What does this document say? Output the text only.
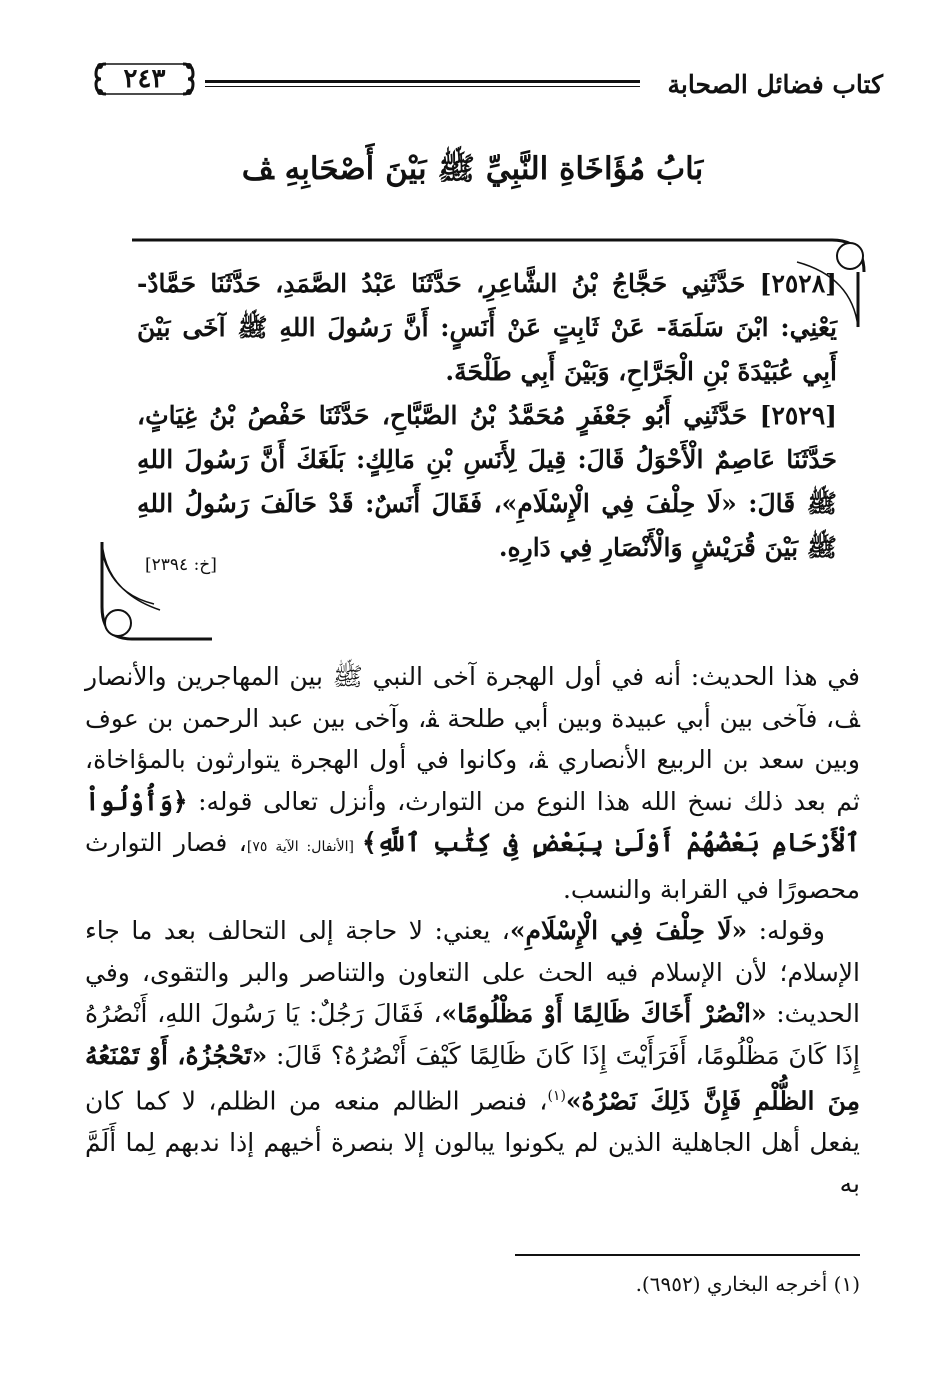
كتاب فضائل الصحابة
٢٤٣
بَابُ مُؤَاخَاةِ النَّبِيِّ ﷺ بَيْنَ أَصْحَابِهِ ﭫ

[٢٥٢٨] حَدَّثَنِي حَجَّاجُ بْنُ الشَّاعِرِ، حَدَّثَنَا عَبْدُ الصَّمَدِ، حَدَّثَنَا حَمَّادٌ- يَعْنِي: ابْنَ سَلَمَةَ- عَنْ ثَابِتٍ عَنْ أَنَسٍ: أَنَّ رَسُولَ اللهِ ﷺ آخَى بَيْنَ أَبِي عُبَيْدَةَ بْنِ الْجَرَّاحِ، وَبَيْنَ أَبِي طَلْحَةَ.

[٢٥٢٩] حَدَّثَنِي أَبُو جَعْفَرٍ مُحَمَّدُ بْنُ الصَّبَّاحِ، حَدَّثَنَا حَفْصُ بْنُ غِيَاثٍ، حَدَّثَنَا عَاصِمٌ الْأَحْوَلُ قَالَ: قِيلَ لِأَنَسِ بْنِ مَالِكٍ: بَلَغَكَ أَنَّ رَسُولَ اللهِ ﷺ قَالَ: «لَا حِلْفَ فِي الْإِسْلَامِ»، فَقَالَ أَنَسٌ: قَدْ حَالَفَ رَسُولُ اللهِ ﷺ بَيْنَ قُرَيْشٍ وَالْأَنْصَارِ فِي دَارِهِ.

[خ: ٢٣٩٤]

في هذا الحديث: أنه في أول الهجرة آخى النبي ﷺ بين المهاجرين والأنصار ﭫ، فآخى بين أبي عبيدة وبين أبي طلحة ﭭ، وآخى بين عبد الرحمن بن عوف وبين سعد بن الربيع الأنصاري ﭭ، وكانوا في أول الهجرة يتوارثون بالمؤاخاة، ثم بعد ذلك نسخ الله هذا النوع من التوارث، وأنزل تعالى قوله: ﴿وَأُوْلُواْ ٱلْأَرْحَامِ بَعْضُهُمْ أَوْلَىٰ بِبَعْضٍ فِى كِتَٰبِ ٱللَّهِ﴾ [الأنفال: الآية ٧٥]، فصار التوارث محصورًا في القرابة والنسب.

وقوله: «لَا حِلْفَ فِي الْإِسْلَامِ»، يعني: لا حاجة إلى التحالف بعد ما جاء الإسلام؛ لأن الإسلام فيه الحث على التعاون والتناصر والبر والتقوى، وفي الحديث: «انْصُرْ أَخَاكَ ظَالِمًا أَوْ مَظْلُومًا»، فَقَالَ رَجُلٌ: يَا رَسُولَ اللهِ، أَنْصُرُهُ إِذَا كَانَ مَظْلُومًا، أَفَرَأَيْتَ إِذَا كَانَ ظَالِمًا كَيْفَ أَنْصُرُهُ؟ قَالَ: «تَحْجُزُهُ، أَوْ تَمْنَعُهُ مِنَ الظُّلْمِ فَإِنَّ ذَلِكَ نَصْرُهُ»$^{(١)}$، فنصر الظالم منعه من الظلم، لا كما كان يفعل أهل الجاهلية الذين لم يكونوا يبالون إلا بنصرة أخيهم إذا ندبهم لِما أَلَمَّ به

(١) أخرجه البخاري (٦٩٥٢).
